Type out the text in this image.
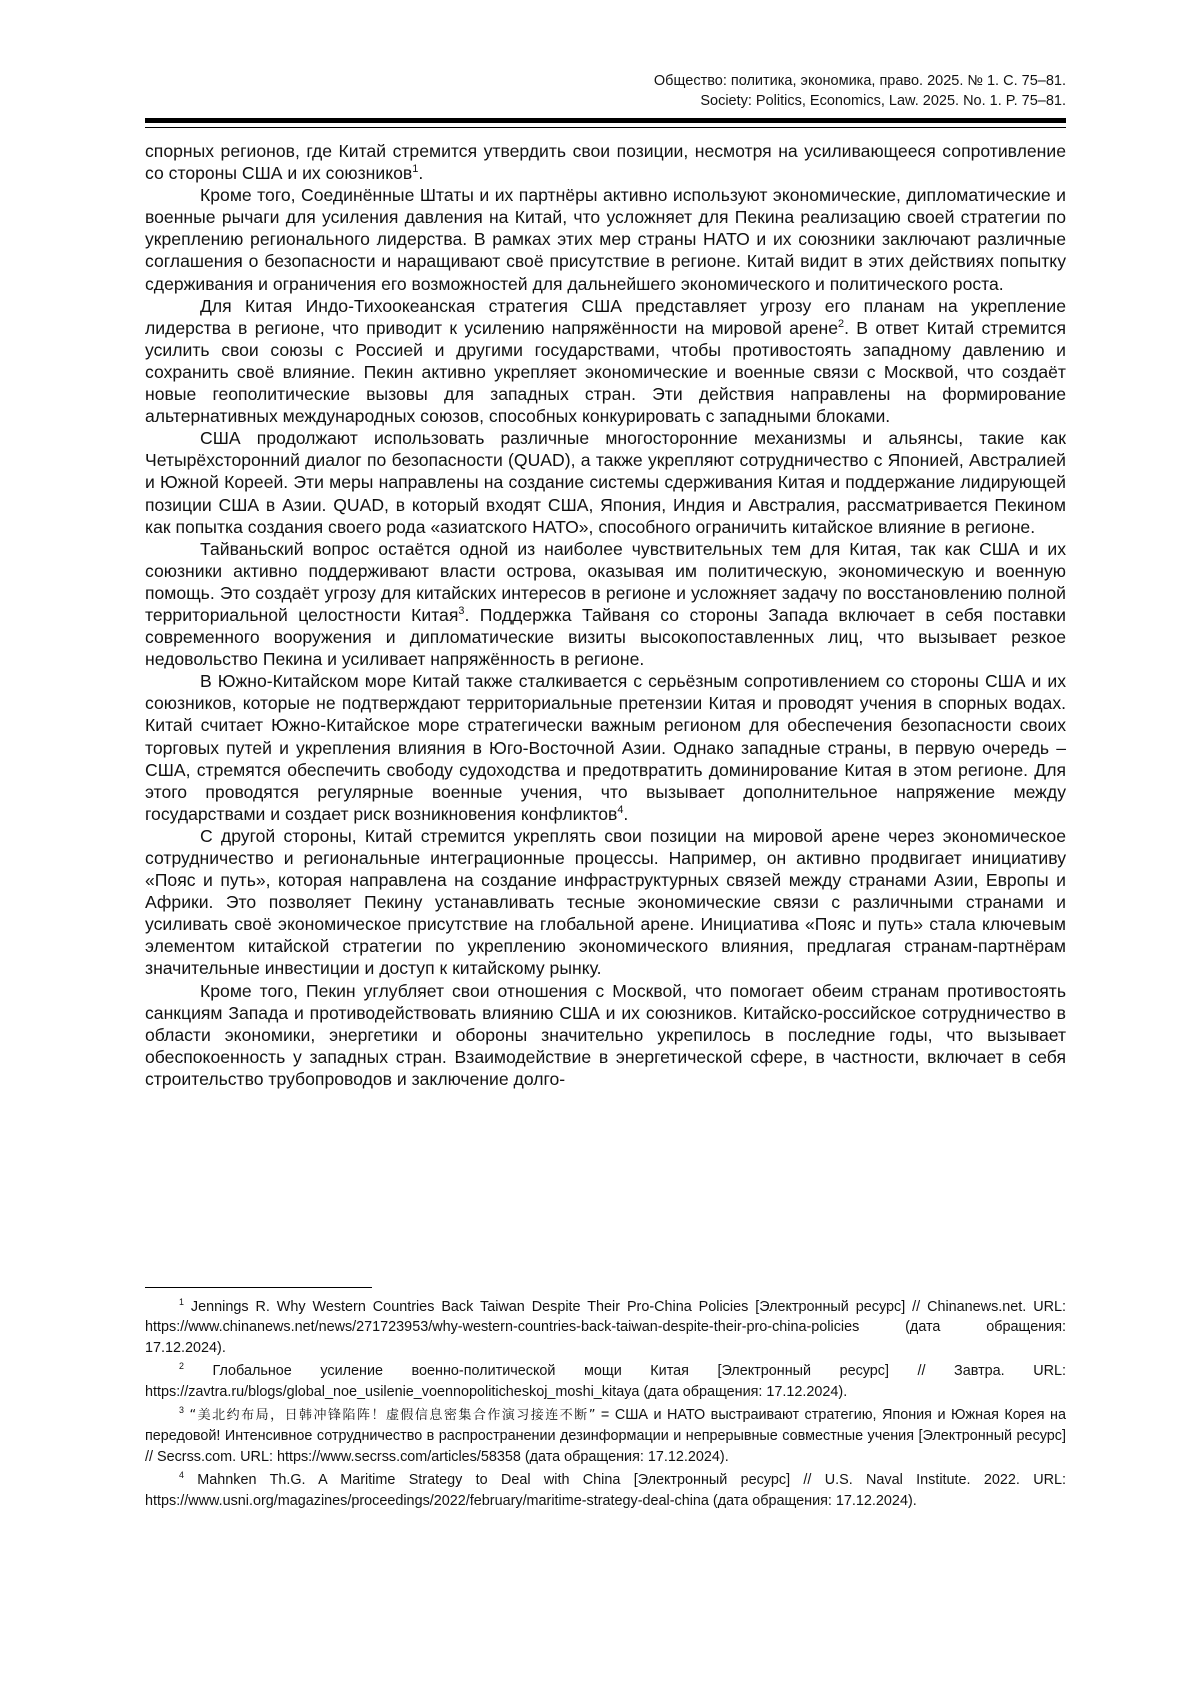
Общество: политика, экономика, право. 2025. № 1. С. 75–81.
Society: Politics, Economics, Law. 2025. No. 1. P. 75–81.

спорных регионов, где Китай стремится утвердить свои позиции, несмотря на усиливающееся сопротивление со стороны США и их союзников$^1$.

Кроме того, Соединённые Штаты и их партнёры активно используют экономические, дипломатические и военные рычаги для усиления давления на Китай, что усложняет для Пекина реализацию своей стратегии по укреплению регионального лидерства. В рамках этих мер страны НАТО и их союзники заключают различные соглашения о безопасности и наращивают своё присутствие в регионе. Китай видит в этих действиях попытку сдерживания и ограничения его возможностей для дальнейшего экономического и политического роста.

Для Китая Индо-Тихоокеанская стратегия США представляет угрозу его планам на укрепление лидерства в регионе, что приводит к усилению напряжённости на мировой арене$^2$. В ответ Китай стремится усилить свои союзы с Россией и другими государствами, чтобы противостоять западному давлению и сохранить своё влияние. Пекин активно укрепляет экономические и военные связи с Москвой, что создаёт новые геополитические вызовы для западных стран. Эти действия направлены на формирование альтернативных международных союзов, способных конкурировать с западными блоками.

США продолжают использовать различные многосторонние механизмы и альянсы, такие как Четырёхсторонний диалог по безопасности (QUAD), а также укрепляют сотрудничество с Японией, Австралией и Южной Кореей. Эти меры направлены на создание системы сдерживания Китая и поддержание лидирующей позиции США в Азии. QUAD, в который входят США, Япония, Индия и Австралия, рассматривается Пекином как попытка создания своего рода «азиатского НАТО», способного ограничить китайское влияние в регионе.

Тайваньский вопрос остаётся одной из наиболее чувствительных тем для Китая, так как США и их союзники активно поддерживают власти острова, оказывая им политическую, экономическую и военную помощь. Это создаёт угрозу для китайских интересов в регионе и усложняет задачу по восстановлению полной территориальной целостности Китая$^3$. Поддержка Тайваня со стороны Запада включает в себя поставки современного вооружения и дипломатические визиты высокопоставленных лиц, что вызывает резкое недовольство Пекина и усиливает напряжённость в регионе.

В Южно-Китайском море Китай также сталкивается с серьёзным сопротивлением со стороны США и их союзников, которые не подтверждают территориальные претензии Китая и проводят учения в спорных водах. Китай считает Южно-Китайское море стратегически важным регионом для обеспечения безопасности своих торговых путей и укрепления влияния в Юго-Восточной Азии. Однако западные страны, в первую очередь – США, стремятся обеспечить свободу судоходства и предотвратить доминирование Китая в этом регионе. Для этого проводятся регулярные военные учения, что вызывает дополнительное напряжение между государствами и создает риск возникновения конфликтов$^4$.

С другой стороны, Китай стремится укреплять свои позиции на мировой арене через экономическое сотрудничество и региональные интеграционные процессы. Например, он активно продвигает инициативу «Пояс и путь», которая направлена на создание инфраструктурных связей между странами Азии, Европы и Африки. Это позволяет Пекину устанавливать тесные экономические связи с различными странами и усиливать своё экономическое присутствие на глобальной арене. Инициатива «Пояс и путь» стала ключевым элементом китайской стратегии по укреплению экономического влияния, предлагая странам-партнёрам значительные инвестиции и доступ к китайскому рынку.

Кроме того, Пекин углубляет свои отношения с Москвой, что помогает обеим странам противостоять санкциям Запада и противодействовать влиянию США и их союзников. Китайско-российское сотрудничество в области экономики, энергетики и обороны значительно укрепилось в последние годы, что вызывает обеспокоенность у западных стран. Взаимодействие в энергетической сфере, в частности, включает в себя строительство трубопроводов и заключение долго-

$^1$ Jennings R. Why Western Countries Back Taiwan Despite Their Pro-China Policies [Электронный ресурс] // Chinanews.net. URL: https://www.chinanews.net/news/271723953/why-western-countries-back-taiwan-despite-their-pro-china-policies (дата обращения: 17.12.2024).

$^2$ Глобальное усиление военно-политической мощи Китая [Электронный ресурс] // Завтра. URL: https://zavtra.ru/blogs/global_noe_usilenie_voennopoliticheskoj_moshi_kitaya (дата обращения: 17.12.2024).

$^3$ “美北约布局，日韩冲锋陷阵！虚假信息密集合作演习接连不断” = США и НАТО выстраивают стратегию, Япония и Южная Корея на передовой! Интенсивное сотрудничество в распространении дезинформации и непрерывные совместные учения [Электронный ресурс] // Secrss.com. URL: https://www.secrss.com/articles/58358 (дата обращения: 17.12.2024).

$^4$ Mahnken Th.G. A Maritime Strategy to Deal with China [Электронный ресурс] // U.S. Naval Institute. 2022. URL: https://www.usni.org/magazines/proceedings/2022/february/maritime-strategy-deal-china (дата обращения: 17.12.2024).
